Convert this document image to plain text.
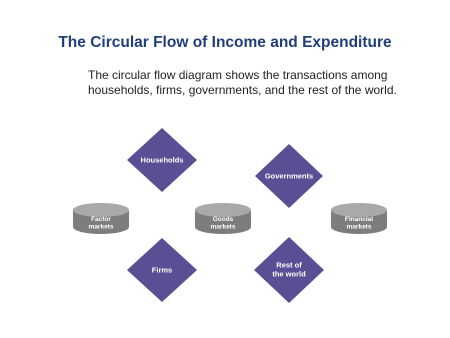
The Circular Flow of Income and Expenditure
The circular flow diagram shows the transactions among
households, firms, governments, and the rest of the world.
Households
Governments
Firms
Rest of
the world
Factor
markets
Goods
markets
Financial
markets
